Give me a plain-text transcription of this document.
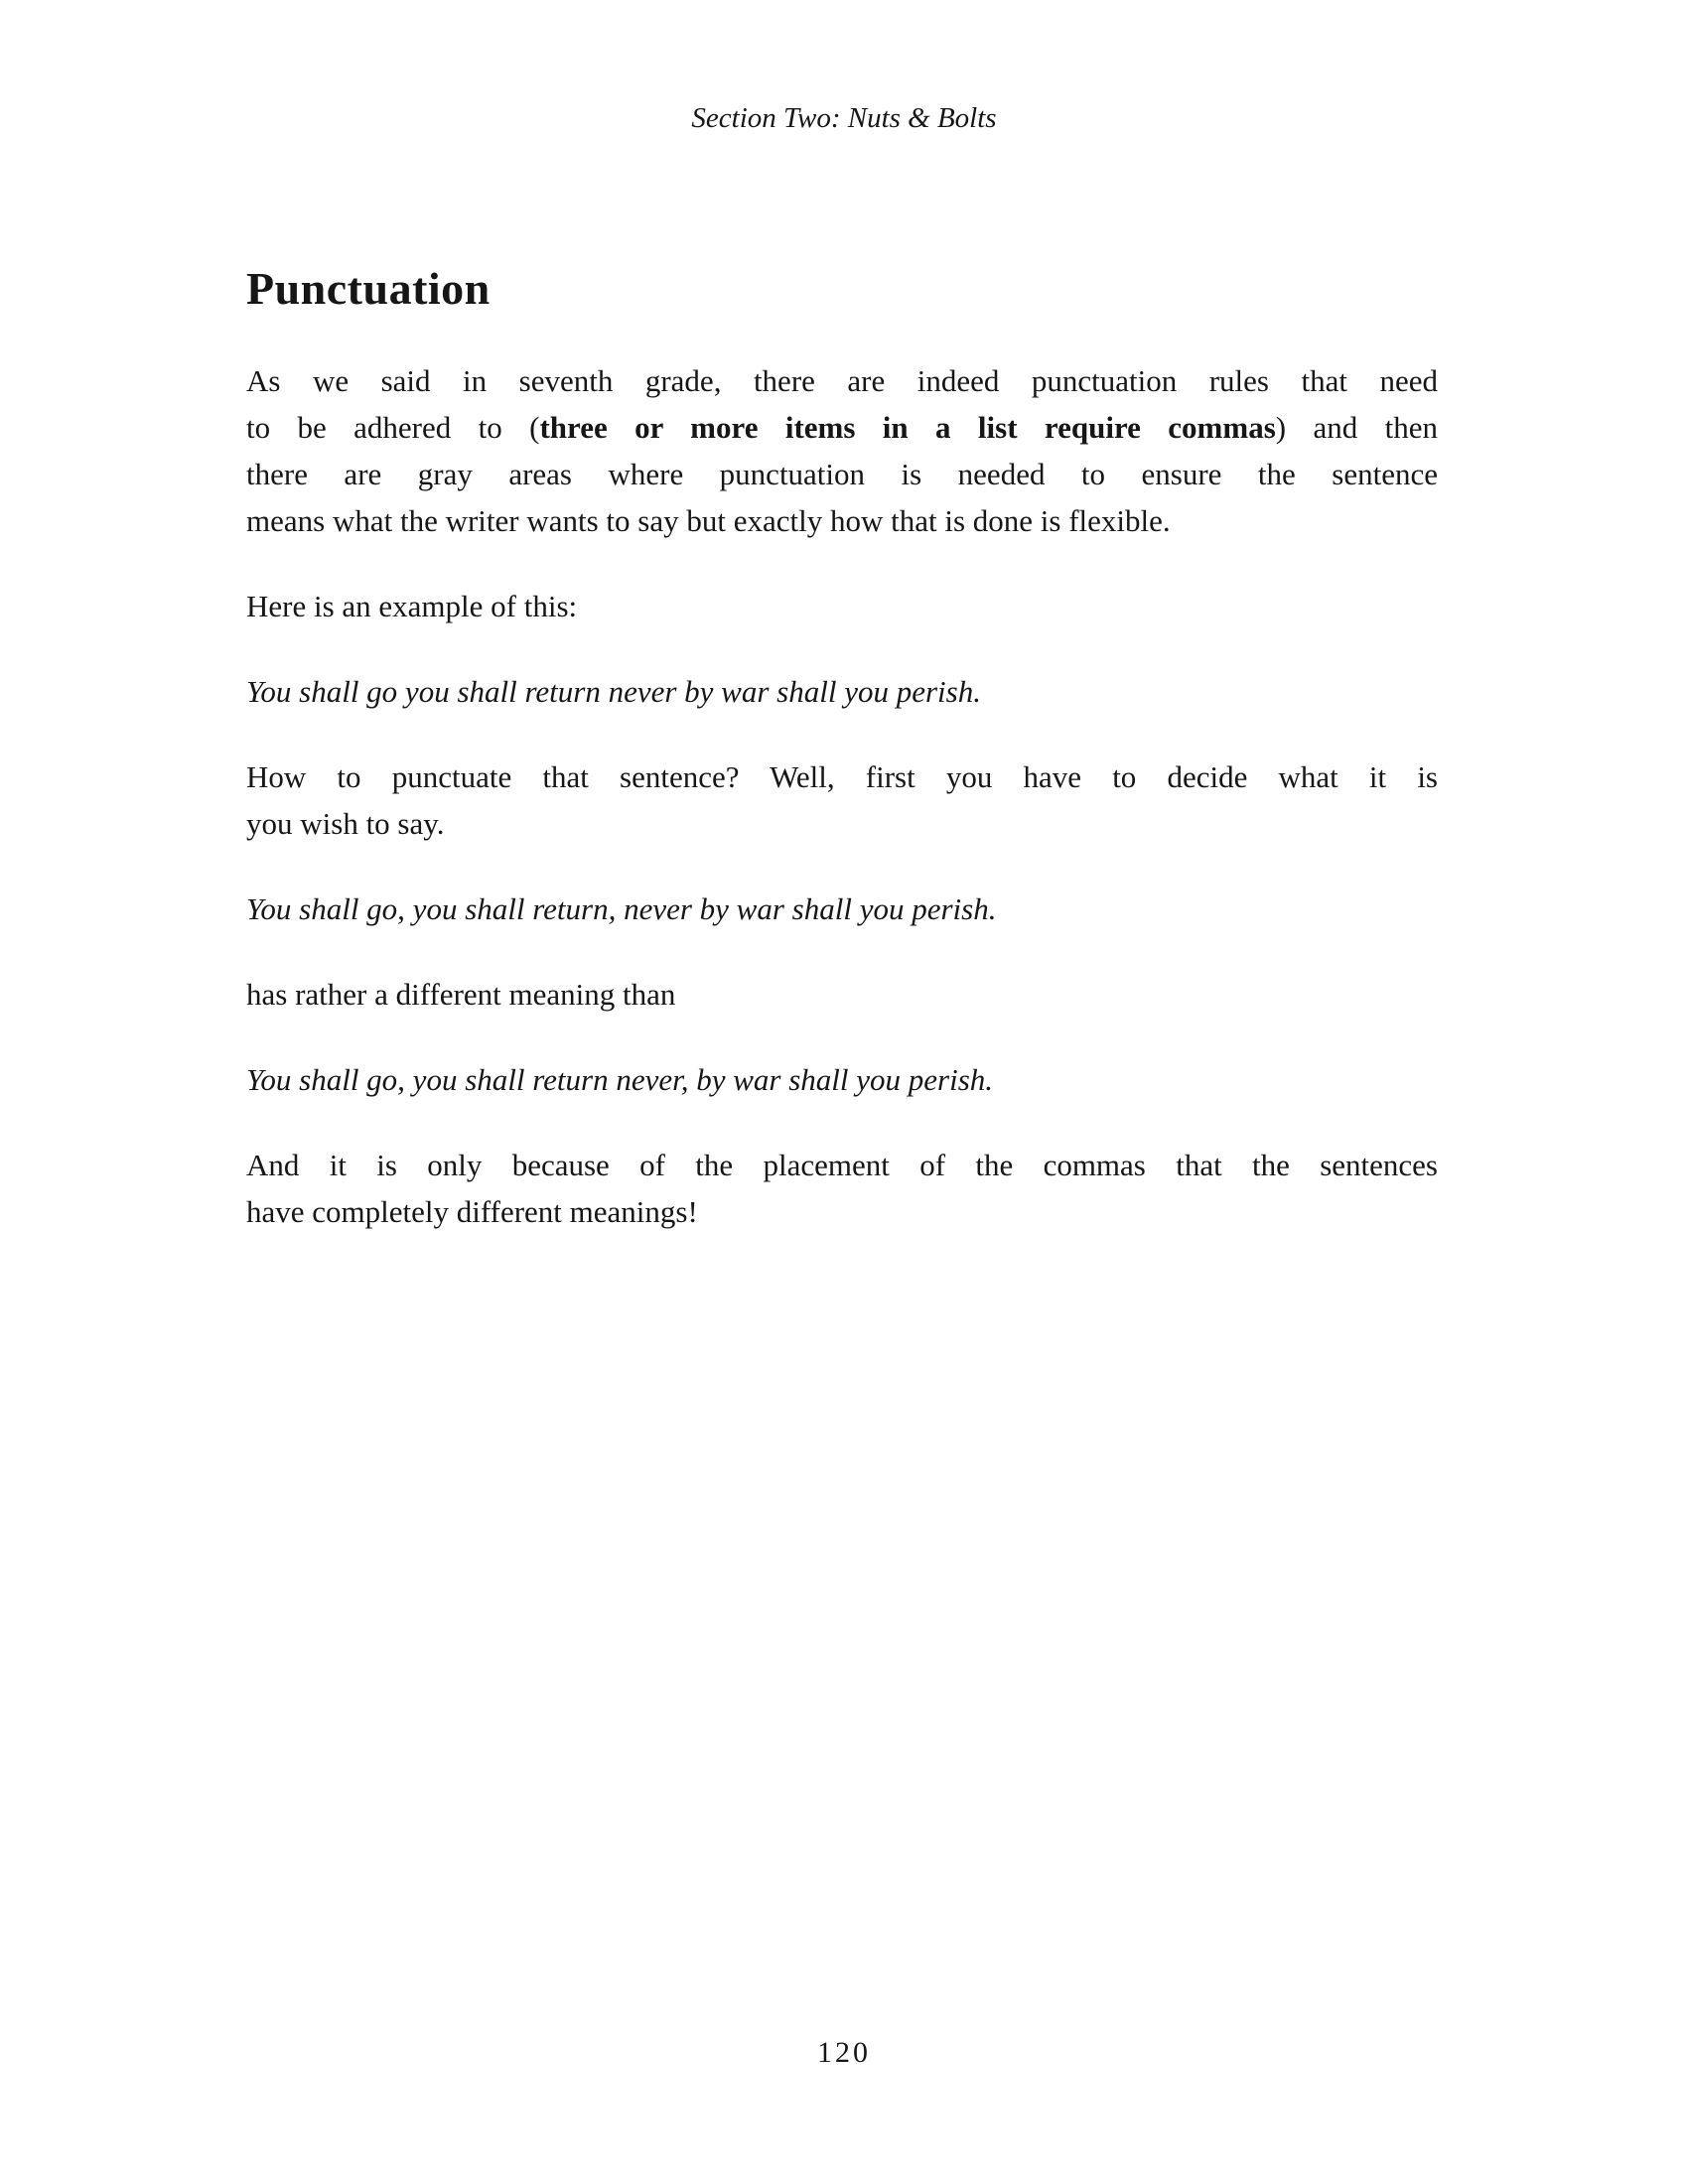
Section Two: Nuts & Bolts
Punctuation
As we said in seventh grade, there are indeed punctuation rules that need
to be adhered to (three or more items in a list require commas) and then
there are gray areas where punctuation is needed to ensure the sentence
means what the writer wants to say but exactly how that is done is flexible.
Here is an example of this:
You shall go you shall return never by war shall you perish.
How to punctuate that sentence? Well, first you have to decide what it is
you wish to say.
You shall go, you shall return, never by war shall you perish.
has rather a different meaning than
You shall go, you shall return never, by war shall you perish.
And it is only because of the placement of the commas that the sentences
have completely different meanings!
120
